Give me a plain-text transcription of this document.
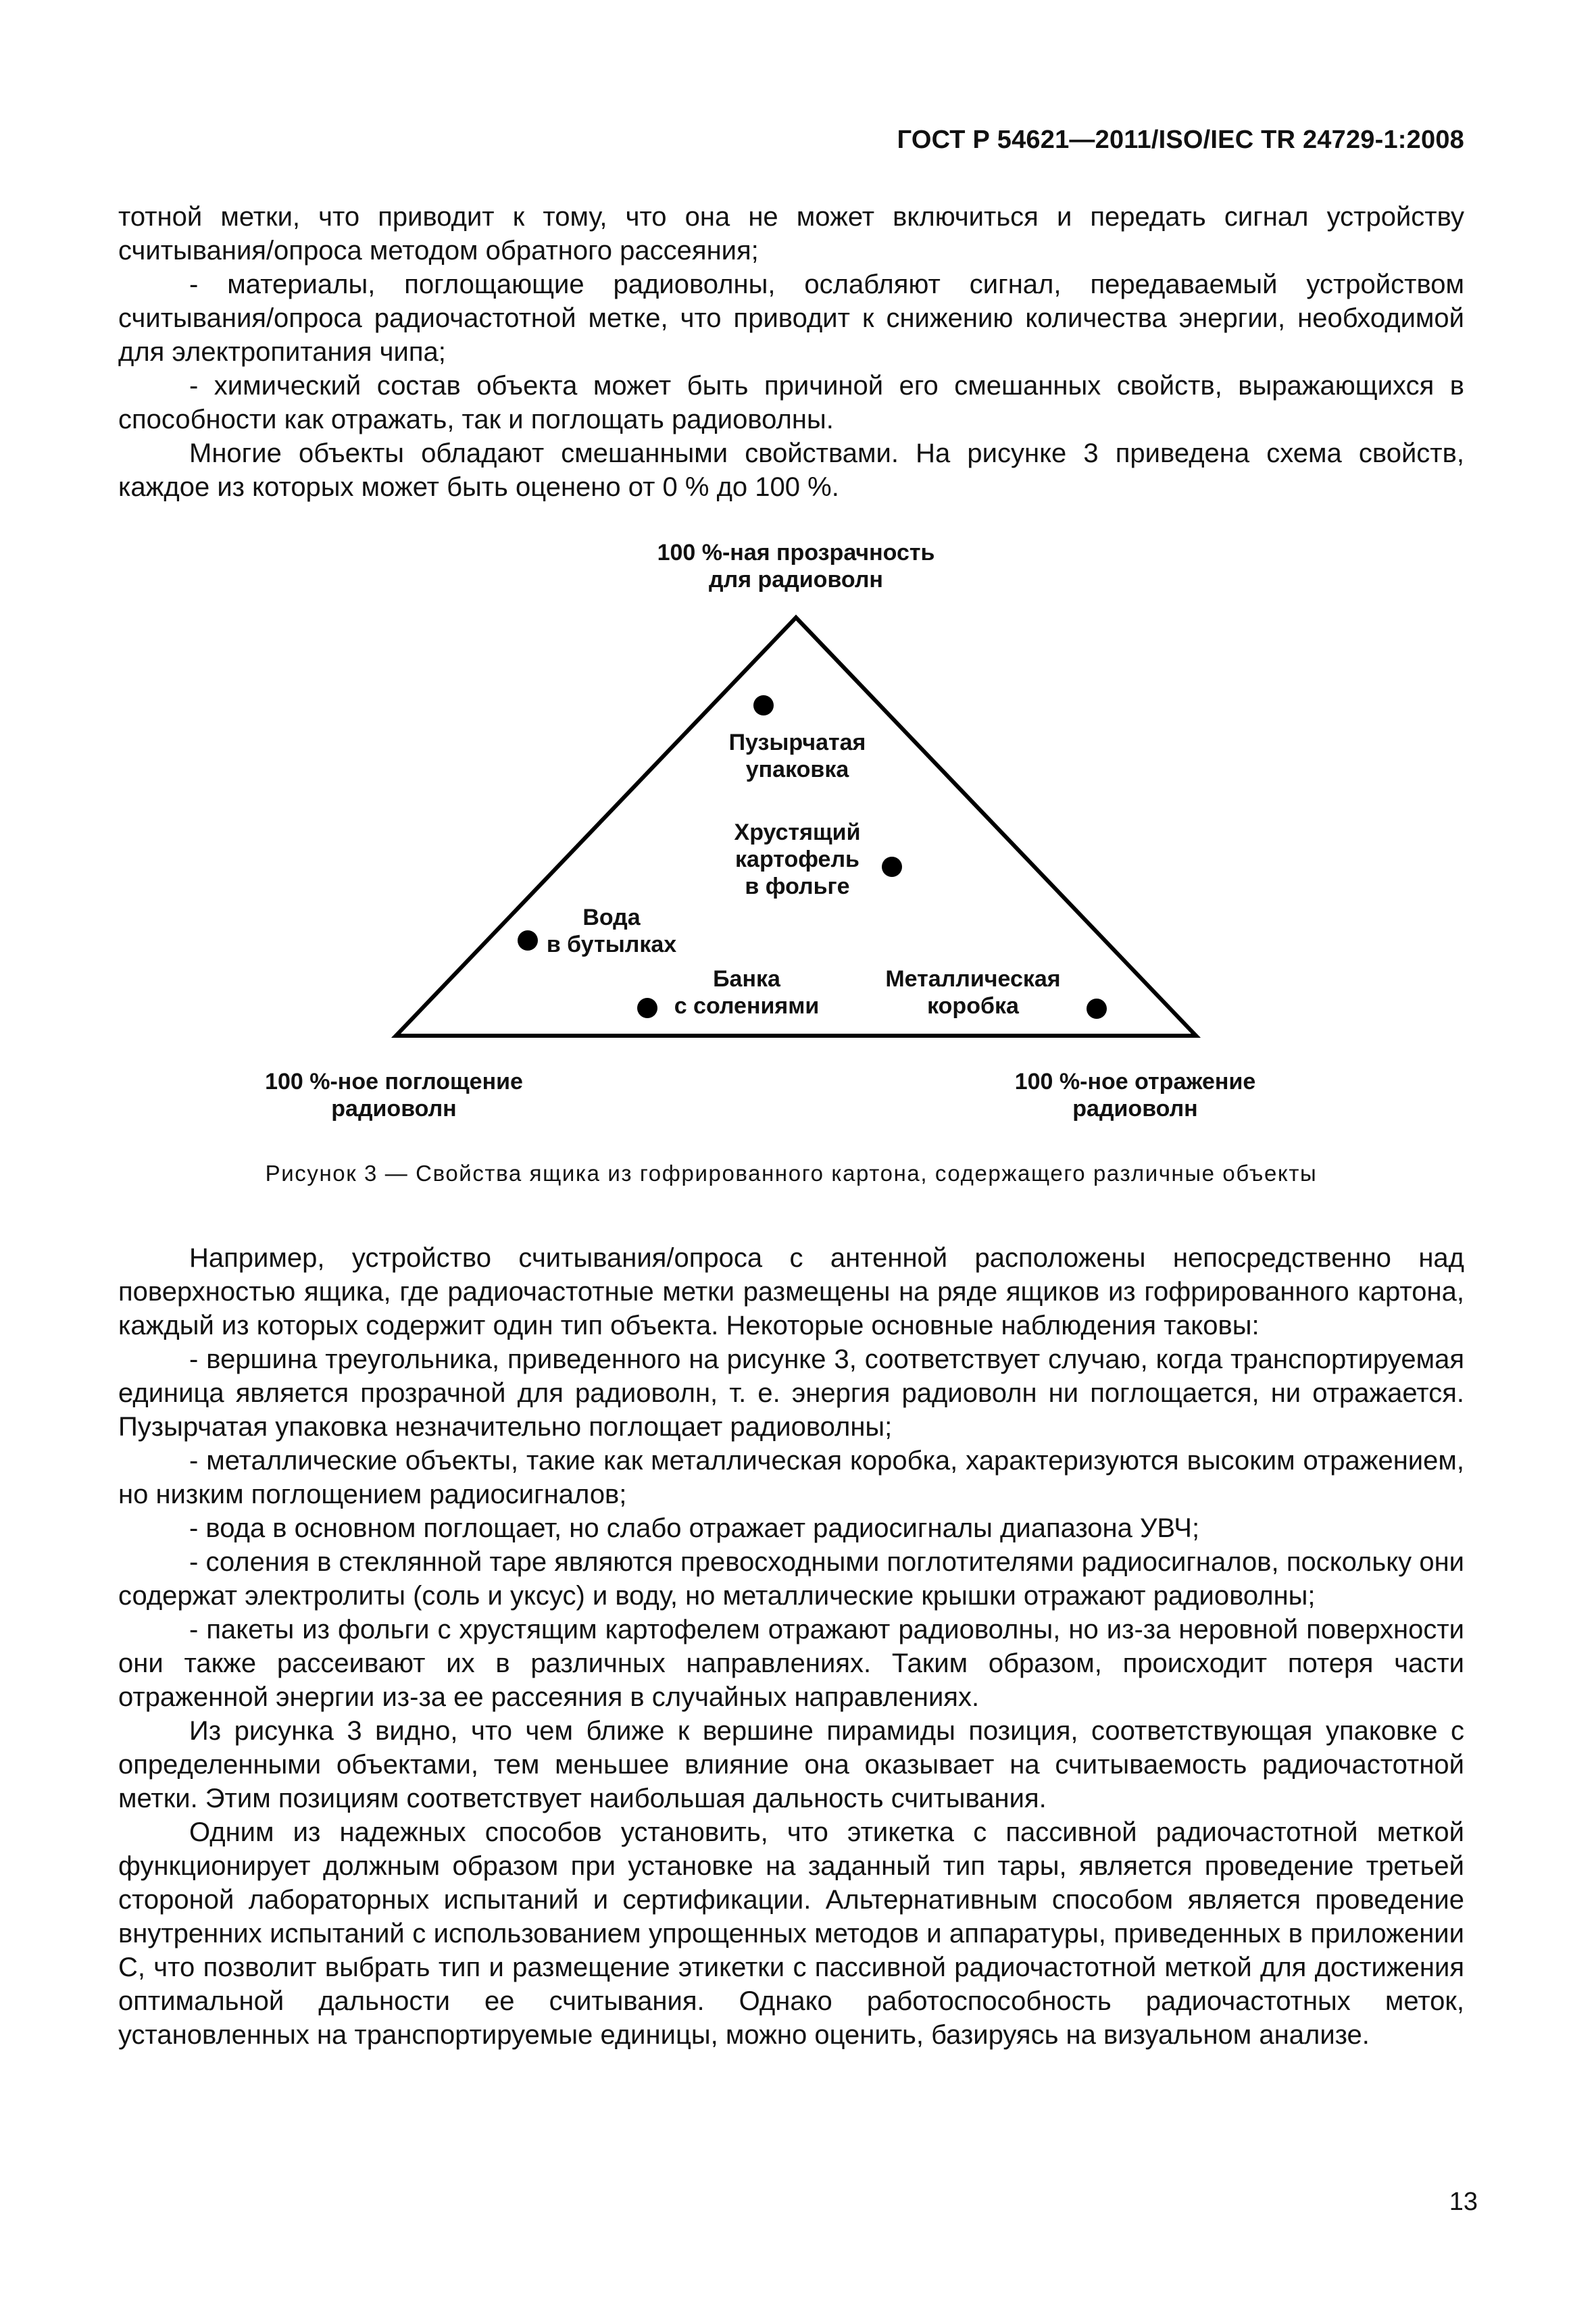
ГОСТ Р 54621—2011/ISO/IEC TR 24729-1:2008

тотной метки, что приводит к тому, что она не может включиться и передать сигнал устройству считывания/опроса методом обратного рассеяния;

- материалы, поглощающие радиоволны, ослабляют сигнал, передаваемый устройством считывания/опроса радиочастотной метке, что приводит к снижению количества энергии, необходимой для электропитания чипа;

- химический состав объекта может быть причиной его смешанных свойств, выражающихся в способности как отражать, так и поглощать радиоволны.

Многие объекты обладают смешанными свойствами. На рисунке 3 приведена схема свойств, каждое из которых может быть оценено от 0 % до 100 %.

100 %-ная прозрачность
для радиоволн
Пузырчатая
упаковка
Хрустящий
картофель
в фольге
Вода
в бутылках
Банка
с солениями
Металлическая
коробка
100 %-ное поглощение
радиоволн
100 %-ное отражение
радиоволн
Рисунок 3 — Свойства ящика из гофрированного картона, содержащего различные объекты

Например, устройство считывания/опроса с антенной расположены непосредственно над поверхностью ящика, где радиочастотные метки размещены на ряде ящиков из гофрированного картона, каждый из которых содержит один тип объекта. Некоторые основные наблюдения таковы:

- вершина треугольника, приведенного на рисунке 3, соответствует случаю, когда транспортируемая единица является прозрачной для радиоволн, т. е. энергия радиоволн ни поглощается, ни отражается. Пузырчатая упаковка незначительно поглощает радиоволны;

- металлические объекты, такие как металлическая коробка, характеризуются высоким отражением, но низким поглощением радиосигналов;

- вода в основном поглощает, но слабо отражает радиосигналы диапазона УВЧ;

- соления в стеклянной таре являются превосходными поглотителями радиосигналов, поскольку они содержат электролиты (соль и уксус) и воду, но металлические крышки отражают радиоволны;

- пакеты из фольги с хрустящим картофелем отражают радиоволны, но из-за неровной поверхности они также рассеивают их в различных направлениях. Таким образом, происходит потеря части отраженной энергии из-за ее рассеяния в случайных направлениях.

Из рисунка 3 видно, что чем ближе к вершине пирамиды позиция, соответствующая упаковке с определенными объектами, тем меньшее влияние она оказывает на считываемость радиочастотной метки. Этим позициям соответствует наибольшая дальность считывания.

Одним из надежных способов установить, что этикетка с пассивной радиочастотной меткой функционирует должным образом при установке на заданный тип тары, является проведение третьей стороной лабораторных испытаний и сертификации. Альтернативным способом является проведение внутренних испытаний с использованием упрощенных методов и аппаратуры, приведенных в приложении С, что позволит выбрать тип и размещение этикетки с пассивной радиочастотной меткой для достижения оптимальной дальности ее считывания. Однако работоспособность радиочастотных меток, установленных на транспортируемые единицы, можно оценить, базируясь на визуальном анализе.

13
